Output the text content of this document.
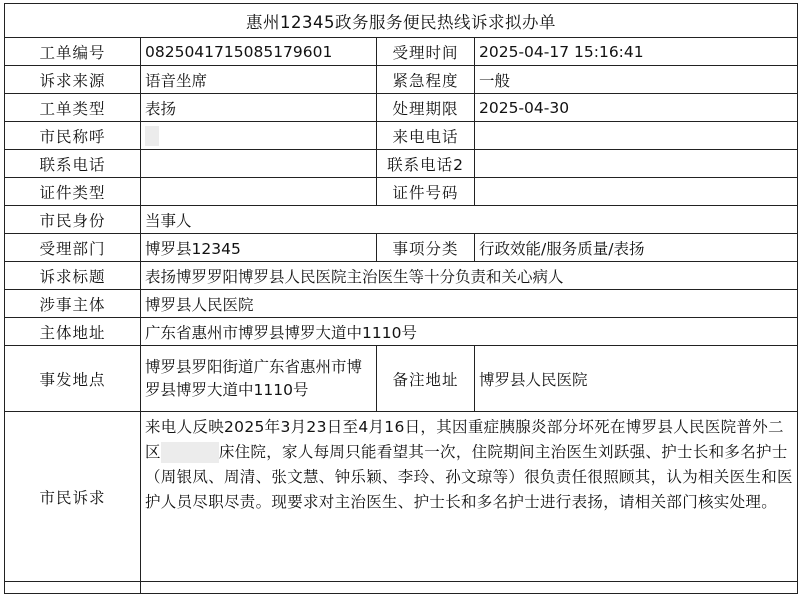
惠州12345政务服务便民热线诉求拟办单			
工单编号	0825041715085179601	受理时间	2025-04-17 15:16:41
诉求来源	语音坐席	紧急程度	一般
工单类型	表扬	处理期限	2025-04-30
市民称呼		来电电话	
联系电话		联系电话2	
证件类型		证件号码	
市民身份	当事人		
受理部门	博罗县12345	事项分类	行政效能/服务质量/表扬
诉求标题	表扬博罗罗阳博罗县人民医院主治医生等十分负责和关心病人		
涉事主体	博罗县人民医院		
主体地址	广东省惠州市博罗县博罗大道中1110号		
事发地点	博罗县罗阳街道广东省惠州市博罗县博罗大道中1110号	备注地址	博罗县人民医院
市民诉求	来电人反映2025年3月23日至4月16日，其因重症胰腺炎部分坏死在博罗县人民医院普外二区 床住院，家人每周只能看望其一次，住院期间主治医生刘跃强、护士长和多名护士（周银凤、周清、张文慧、钟乐颖、李玲、孙文琼等）很负责任很照顾其，认为相关医生和医护人员尽职尽责。现要求对主治医生、护士长和多名护士进行表扬，请相关部门核实处理。		
